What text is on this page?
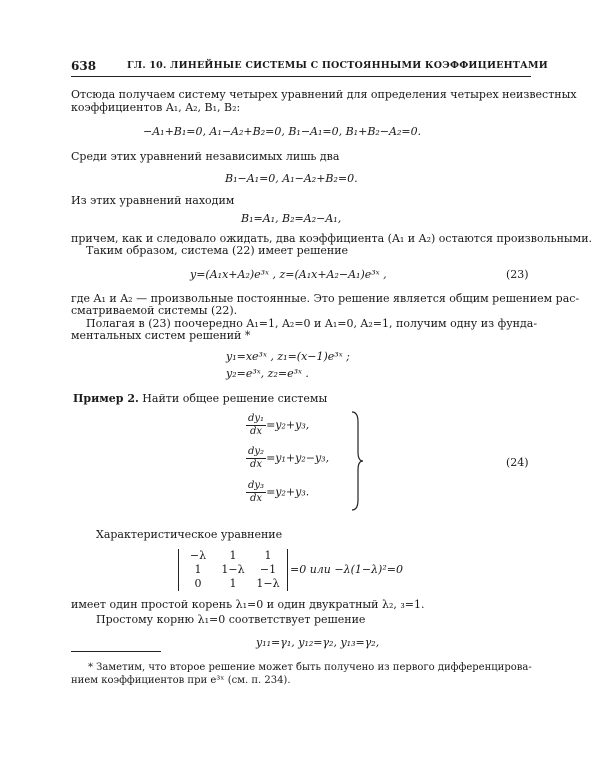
638	ГЛ. 10. ЛИНЕЙНЫЕ СИСТЕМЫ С ПОСТОЯННЫМИ КОЭФФИЦИЕНТАМИ
Отсюда получаем систему четырех уравнений для определения четырех неизвестных
коэффициентов A₁, A₂, B₁, B₂:
−A₁+B₁=0, A₁−A₂+B₂=0, B₁−A₁=0, B₁+B₂−A₂=0.
Среди этих уравнений независимых лишь два
B₁−A₁=0, A₁−A₂+B₂=0.
Из этих уравнений находим
B₁=A₁, B₂=A₂−A₁,
причем, как и следовало ожидать, два коэффициента (A₁ и A₂) остаются произвольными.
Таким образом, система (22) имеет решение
y=(A₁x+A₂)e³ˣ , z=(A₁x+A₂−A₁)e³ˣ ,	(23)
где A₁ и A₂ — произвольные постоянные. Это решение является общим решением рас-
сматриваемой системы (22).
Полагая в (23) поочередно A₁=1, A₂=0 и A₁=0, A₂=1, получим одну из фунда-
ментальных систем решений *
y₁=xe³ˣ , z₁=(x−1)e³ˣ ;
y₂=e³ˣ, z₂=e³ˣ .
Пример 2. Найти общее решение системы
$\frac{\text{dy₁}}{dx} =y_2+y_3$,
$\frac{\text{dy₂}}{dx} =y_1+y_2-y_3$,
$\frac{\text{dy₃}}{dx} =y_2+y_3$.
(24)
Характеристическое уравнение
−λ	1	1
1	1−λ	−1
0	1	1−λ
=0 или −λ(1−λ)²=0
имеет один простой корень λ₁=0 и один двукратный λ₂, ₃=1.
Простому корню λ₁=0 соответствует решение
y₁₁=γ₁, y₁₂=γ₂, y₁₃=γ₂,
* Заметим, что второе решение может быть получено из первого дифференцирова-
нием коэффициентов при e³ˣ (см. п. 234).
